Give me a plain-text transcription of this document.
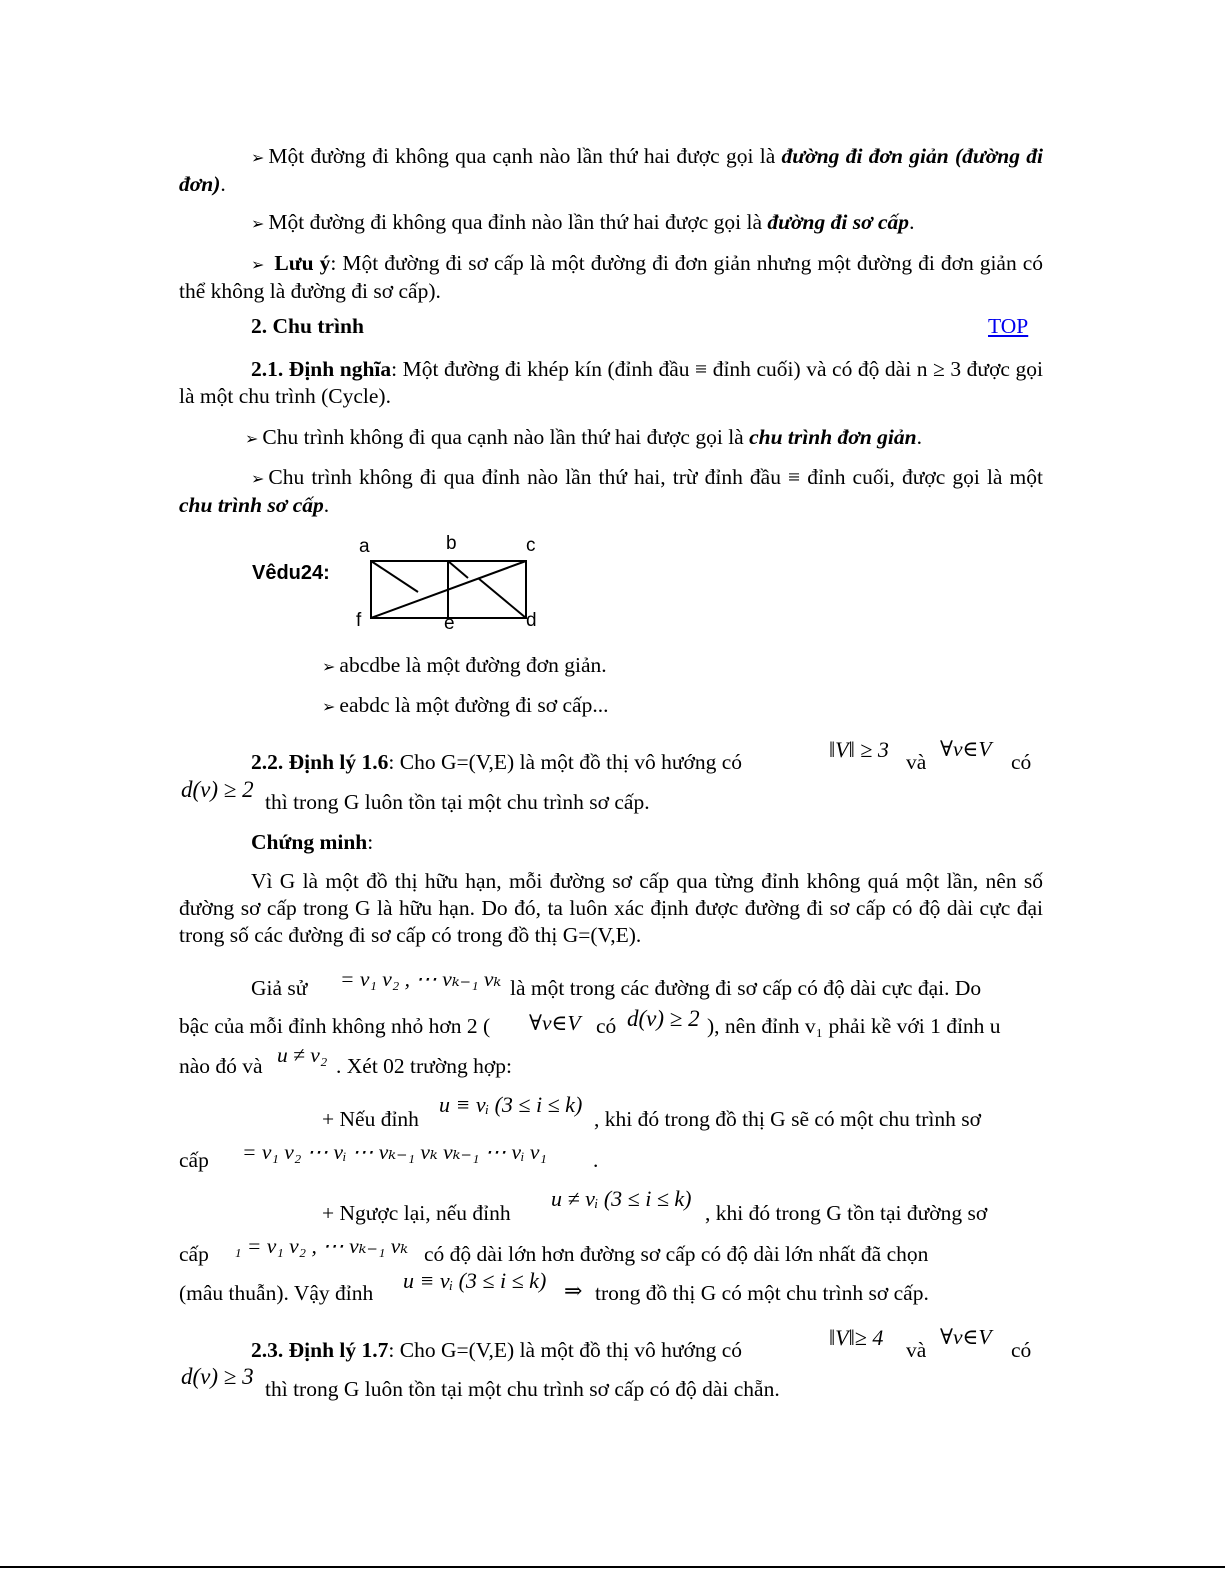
➢ Một đường đi không qua cạnh nào lần thứ hai được gọi là đường đi đơn giản (đường đi đơn).
➢ Một đường đi không qua đỉnh nào lần thứ hai được gọi là đường đi sơ cấp.
➢ Lưu ý: Một đường đi sơ cấp là một đường đi đơn giản nhưng một đường đi đơn giản có thể không là đường đi sơ cấp).
2. Chu trình	TOP
2.1. Định nghĩa: Một đường đi khép kín (đỉnh đầu ≡ đỉnh cuối) và có độ dài n ≥ 3 được gọi là một chu trình (Cycle).
➢ Chu trình không đi qua cạnh nào lần thứ hai được gọi là chu trình đơn giản.
➢ Chu trình không đi qua đỉnh nào lần thứ hai, trừ đỉnh đầu ≡ đỉnh cuối, được gọi là một chu trình sơ cấp.
Vêdu24:
a	b	c
d
e
f
➢ abcdbe là một đường đơn giản.
➢ eabdc là một đường đi sơ cấp...
2.2. Định lý 1.6: Cho G=(V,E) là một đồ thị vô hướng có	‖V‖ ≥ 3 và
∀v∈V
có
d(v) ≥ 2 thì trong G luôn tồn tại một chu trình sơ cấp.
Chứng minh:
Vì G là một đồ thị hữu hạn, mỗi đường sơ cấp qua từng đỉnh không quá một lần, nên số đường sơ cấp trong G là hữu hạn. Do đó, ta luôn xác định được đường đi sơ cấp có độ dài cực đại trong số các đường đi sơ cấp có trong đồ thị G=(V,E).
Giả sử = v₁ v₂ , ⋯ vₖ₋₁ vₖ là một trong các đường đi sơ cấp có độ dài cực đại. Do
bậc của mỗi đỉnh không nhỏ hơn 2 ( ∀v∈V có d(v) ≥ 2 ), nên đỉnh v₁ phải kề với 1 đỉnh u
nào đó và u ≠ v₂ . Xét 02 trường hợp:
+ Nếu đỉnh
u ≡ vᵢ (3 ≤ i ≤ k)
, khi đó trong đồ thị G sẽ có một chu trình sơ
cấp = v₁ v₂ ⋯ vᵢ ⋯ vₖ₋₁ vₖ vₖ₋₁ ⋯ vᵢ v₁ .
+ Ngược lại, nếu đỉnh
u ≠ vᵢ (3 ≤ i ≤ k)
, khi đó trong G tồn tại đường sơ
cấp ₁ = v₁ v₂ , ⋯ vₖ₋₁ vₖ có độ dài lớn hơn đường sơ cấp có độ dài lớn nhất đã chọn
(mâu thuẫn). Vậy đỉnh u ≡ vᵢ (3 ≤ i ≤ k) ⇒ trong đồ thị G có một chu trình sơ cấp.
2.3. Định lý 1.7: Cho G=(V,E) là một đồ thị vô hướng có	‖V‖≥ 4 và
∀v∈V
có
d(v) ≥ 3 thì trong G luôn tồn tại một chu trình sơ cấp có độ dài chẵn.
